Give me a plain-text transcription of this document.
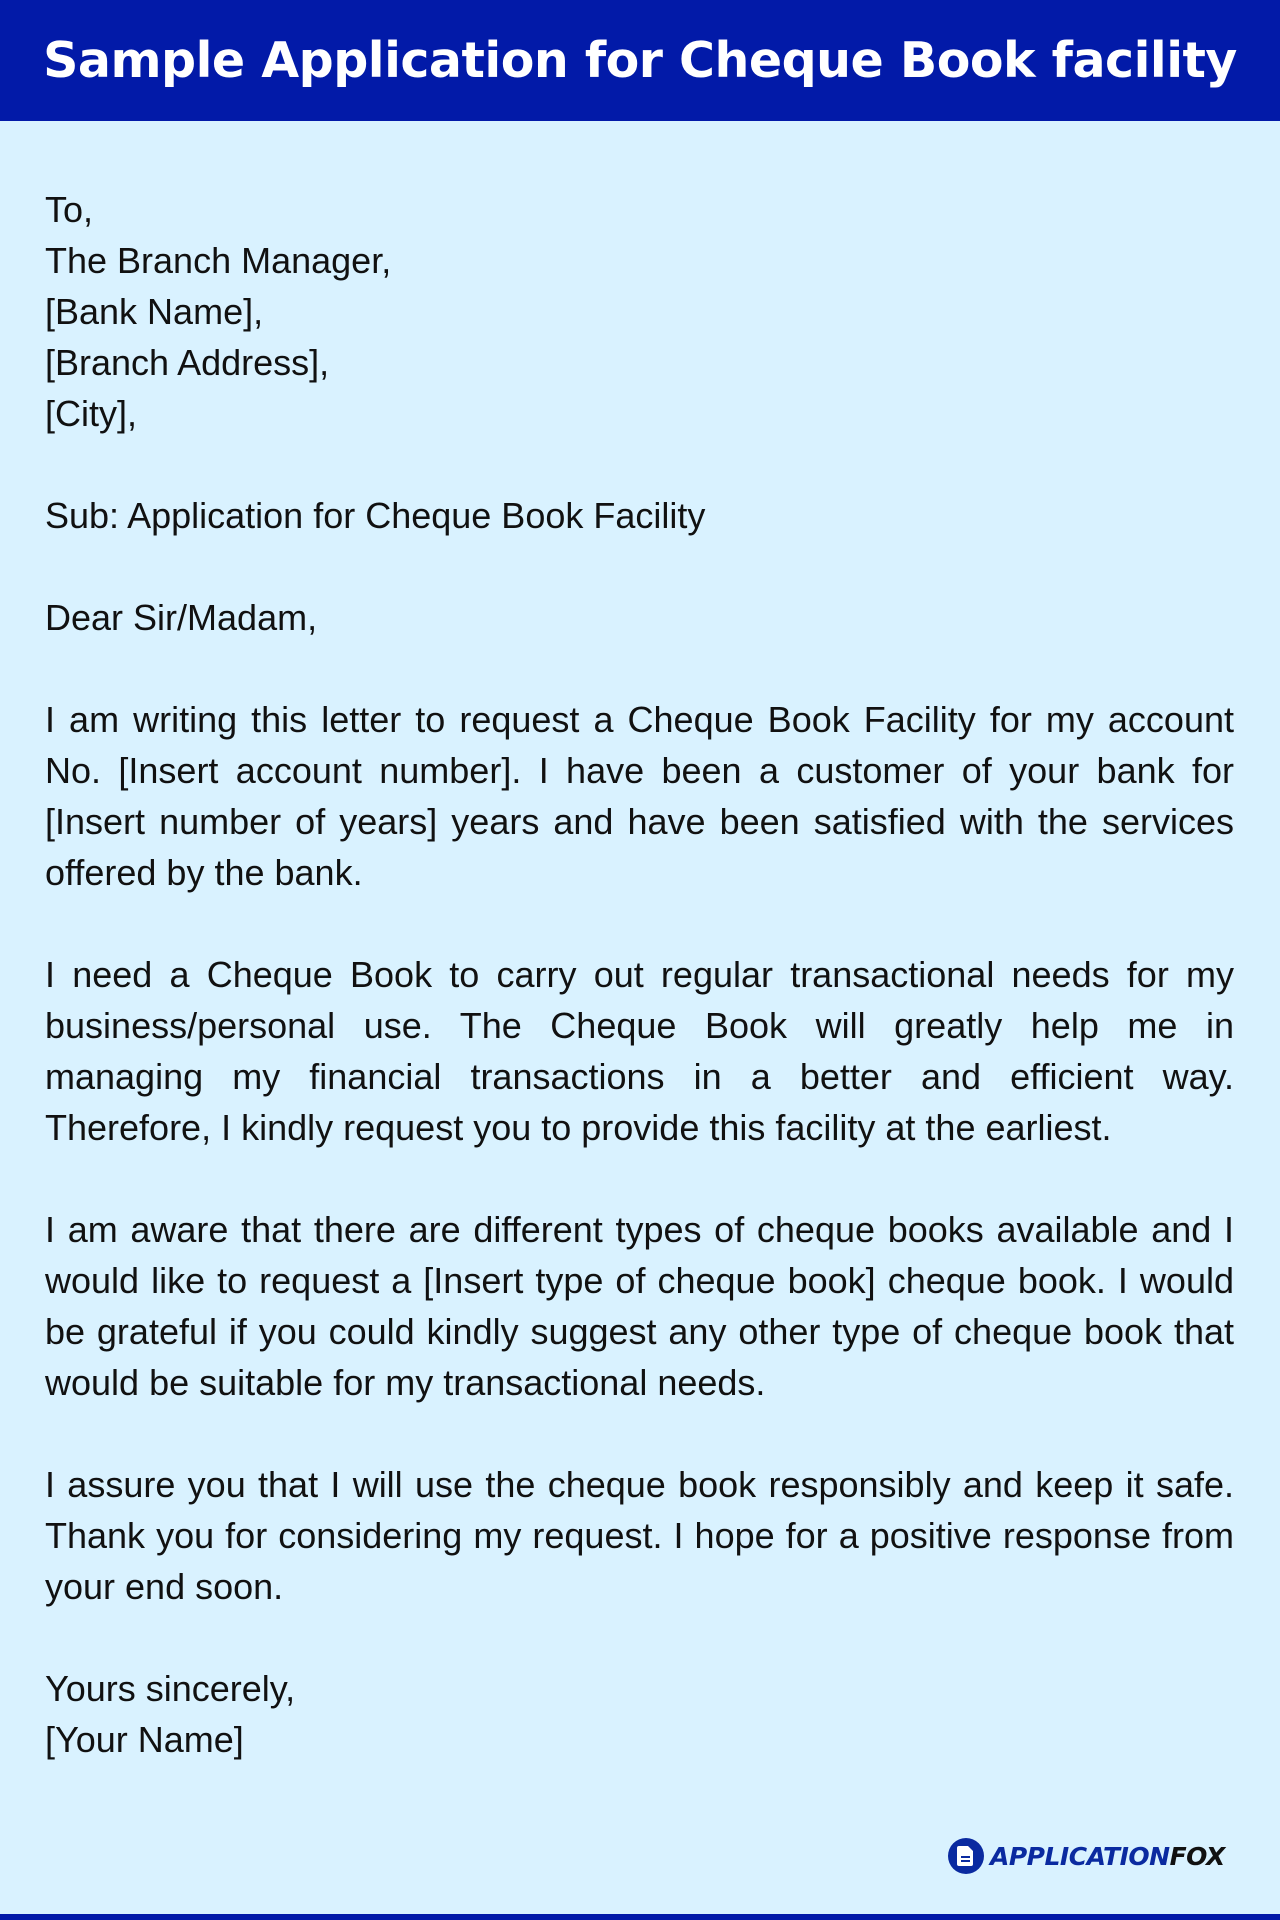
Sample Application for Cheque Book facility
To,
The Branch Manager,
[Bank Name],
[Branch Address],
[City],
Sub: Application for Cheque Book Facility
Dear Sir/Madam,

I am writing this letter to request a Cheque Book Facility for my account No. [Insert account number]. I have been a customer of your bank for [Insert number of years] years and have been satisfied with the services offered by the bank.

I need a Cheque Book to carry out regular transactional needs for my business/personal use. The Cheque Book will greatly help me in managing my financial transactions in a better and efficient way. Therefore, I kindly request you to provide this facility at the earliest.

I am aware that there are different types of cheque books available and I would like to request a [Insert type of cheque book] cheque book. I would be grateful if you could kindly suggest any other type of cheque book that would be suitable for my transactional needs.

I assure you that I will use the cheque book responsibly and keep it safe. Thank you for considering my request. I hope for a positive response from your end soon.

Yours sincerely,
[Your Name]
APPLICATIONFOX
